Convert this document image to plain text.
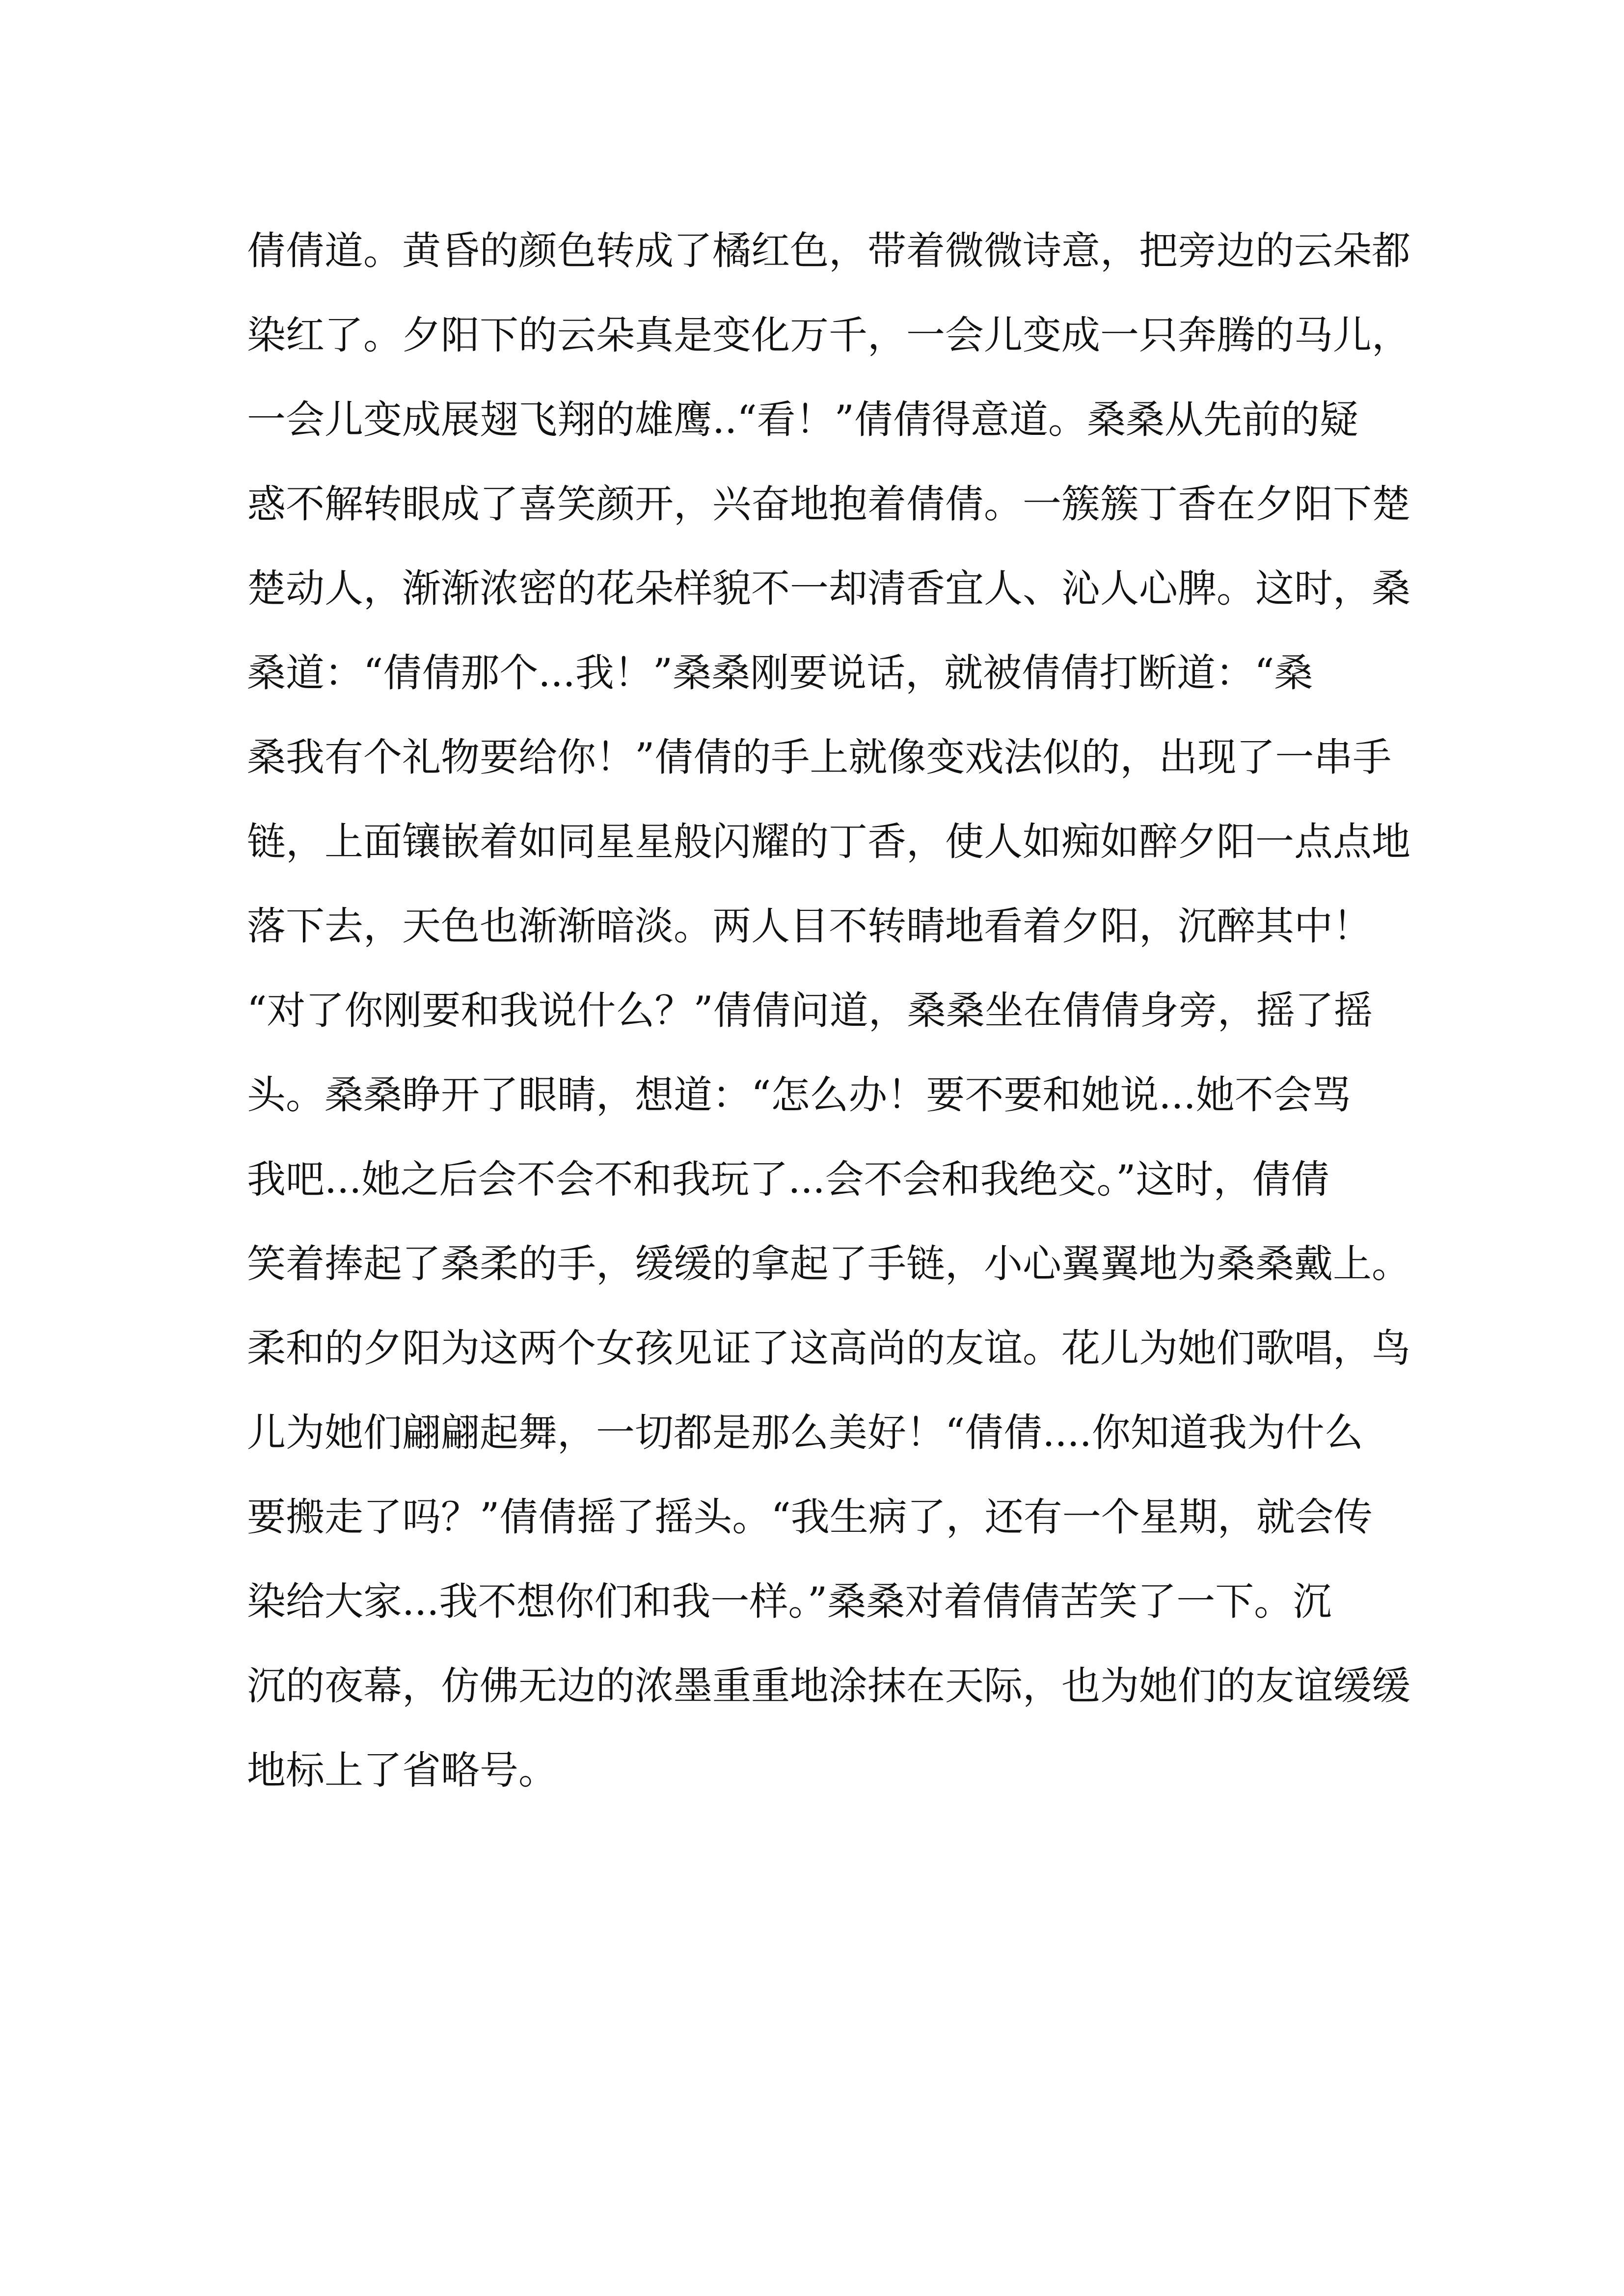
倩倩道。黄昏的颜色转成了橘红色，带着微微诗意，把旁边的云朵都
染红了。夕阳下的云朵真是变化万千，一会儿变成一只奔腾的马儿，
一会儿变成展翅飞翔的雄鹰..“看！”倩倩得意道。桑桑从先前的疑
惑不解转眼成了喜笑颜开，兴奋地抱着倩倩。一簇簇丁香在夕阳下楚
楚动人，渐渐浓密的花朵样貌不一却清香宜人、沁人心脾。这时，桑
桑道：“倩倩那个...我！”桑桑刚要说话，就被倩倩打断道：“桑
桑我有个礼物要给你！”倩倩的手上就像变戏法似的，出现了一串手
链，上面镶嵌着如同星星般闪耀的丁香，使人如痴如醉夕阳一点点地
落下去，天色也渐渐暗淡。两人目不转睛地看着夕阳，沉醉其中！
“对了你刚要和我说什么？”倩倩问道，桑桑坐在倩倩身旁，摇了摇
头。桑桑睁开了眼睛，想道：“怎么办！要不要和她说...她不会骂
我吧...她之后会不会不和我玩了...会不会和我绝交。”这时，倩倩
笑着捧起了桑柔的手，缓缓的拿起了手链，小心翼翼地为桑桑戴上。
柔和的夕阳为这两个女孩见证了这高尚的友谊。花儿为她们歌唱，鸟
儿为她们翩翩起舞，一切都是那么美好！“倩倩....你知道我为什么
要搬走了吗？”倩倩摇了摇头。“我生病了，还有一个星期，就会传
染给大家...我不想你们和我一样。”桑桑对着倩倩苦笑了一下。沉
沉的夜幕，仿佛无边的浓墨重重地涂抹在天际，也为她们的友谊缓缓
地标上了省略号。
